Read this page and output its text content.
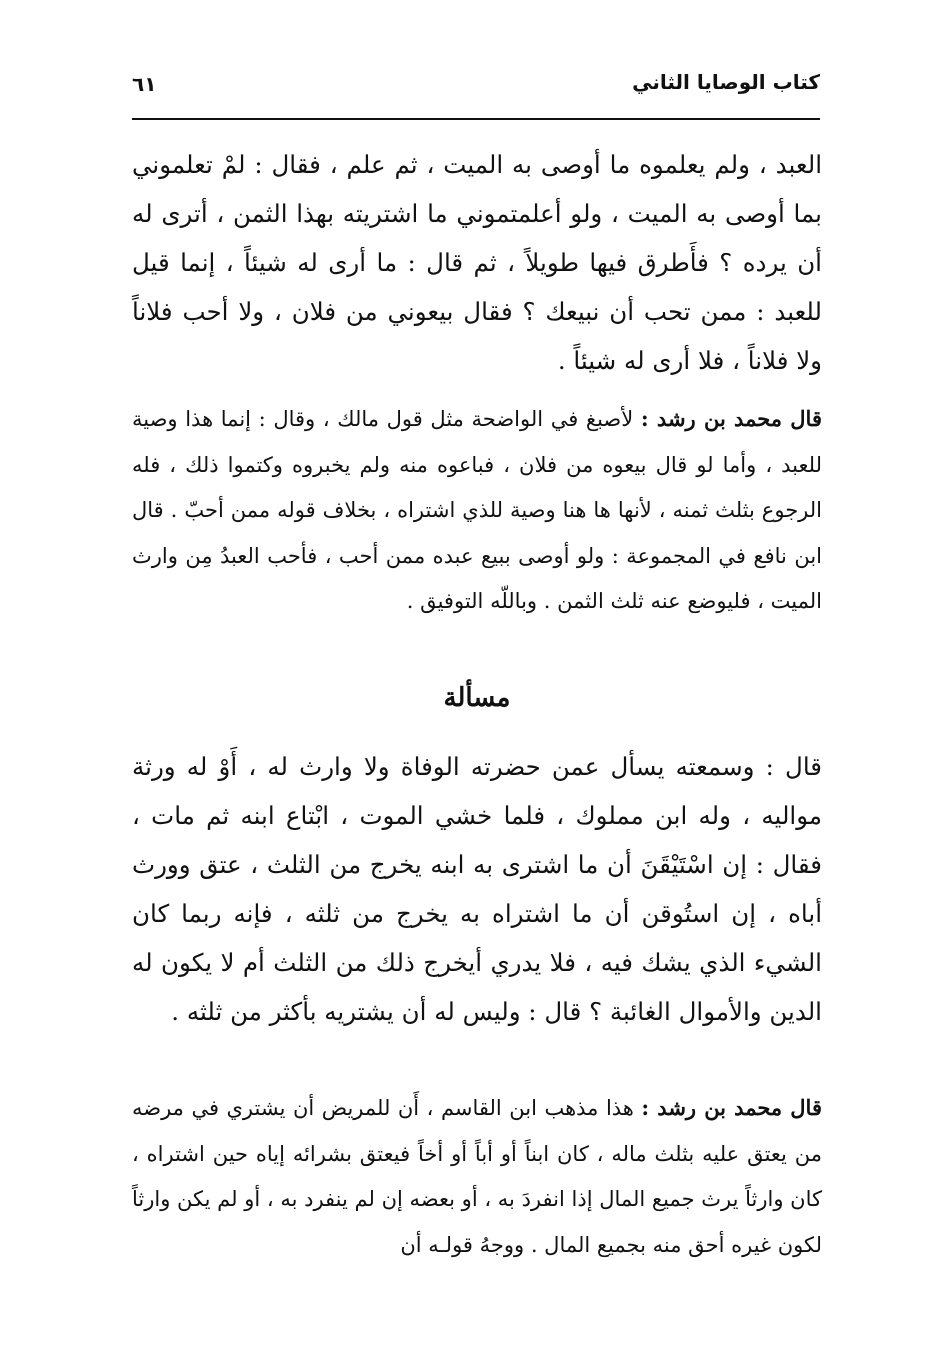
كتاب الوصايا الثاني
٦١

العبد ، ولم يعلموه ما أوصى به الميت ، ثم علم ، فقال : لمْ تعلموني بما أوصى به الميت ، ولو أعلمتموني ما اشتريته بهذا الثمن ، أترى له أن يرده ؟ فأَطرق فيها طويلاً ، ثم قال : ما أرى له شيئاً ، إنما قيل للعبد : ممن تحب أن نبيعك ؟ فقال بيعوني من فلان ، ولا أحب فلاناً ولا فلاناً ، فلا أرى له شيئاً .

قال محمد بن رشد : لأصبغ في الواضحة مثل قول مالك ، وقال : إنما هذا وصية للعبد ، وأما لو قال بيعوه من فلان ، فباعوه منه ولم يخبروه وكتموا ذلك ، فله الرجوع بثلث ثمنه ، لأنها ها هنا وصية للذي اشتراه ، بخلاف قوله ممن أحبّ . قال ابن نافع في المجموعة : ولو أوصى ببيع عبده ممن أحب ، فأحب العبدُ مِن وارث الميت ، فليوضع عنه ثلث الثمن . وباللّه التوفيق .

مسألة

قال : وسمعته يسأل عمن حضرته الوفاة ولا وارث له ، أَوْ له ورثة مواليه ، وله ابن مملوك ، فلما خشي الموت ، ابْتاع ابنه ثم مات ، فقال : إن اسْتَيْقَنَ أن ما اشترى به ابنه يخرج من الثلث ، عتق وورث أباه ، إن استُوقن أن ما اشتراه به يخرج من ثلثه ، فإنه ربما كان الشيء الذي يشك فيه ، فلا يدري أيخرج ذلك من الثلث أم لا يكون له الدين والأموال الغائبة ؟ قال : وليس له أن يشتريه بأكثر من ثلثه .

قال محمد بن رشد : هذا مذهب ابن القاسم ، أَن للمريض أن يشتري في مرضه من يعتق عليه بثلث ماله ، كان ابناً أو أباً أو أخاً فيعتق بشرائه إياه حين اشتراه ، كان وارثاً يرث جميع المال إذا انفردَ به ، أو بعضه إن لم ينفرد به ، أو لم يكن وارثاً لكون غيره أحق منه بجميع المال . ووجهُ قولـه أن
